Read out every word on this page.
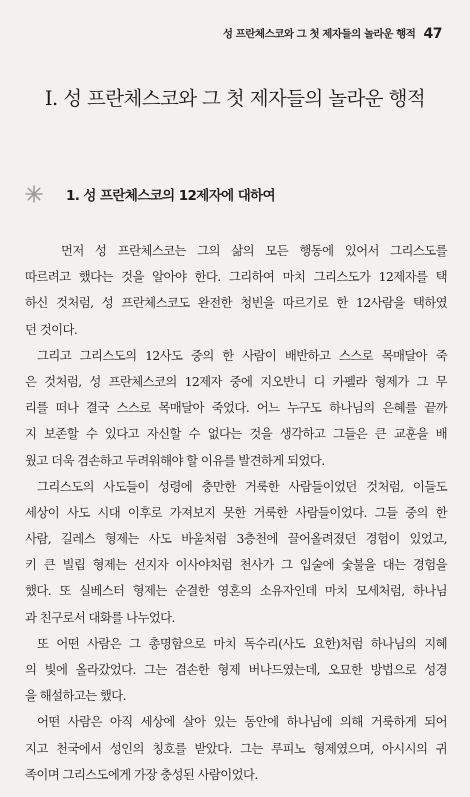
성 프란체스코와 그 첫 제자들의 놀라운 행적 47
I. 성 프란체스코와 그 첫 제자들의 놀라운 행적
1. 성 프란체스코의 12제자에 대하여
먼저 성 프란체스코는 그의 삶의 모든 행동에 있어서 그리스도를
따르려고 했다는 것을 알아야 한다. 그리하여 마치 그리스도가 12제자를 택
하신 것처럼, 성 프란체스코도 완전한 청빈을 따르기로 한 12사람을 택하였
던 것이다.
그리고 그리스도의 12사도 중의 한 사람이 배반하고 스스로 목매달아 죽
은 것처럼, 성 프란체스코의 12제자 중에 지오반니 디 카펠라 형제가 그 무
리를 떠나 결국 스스로 목매달아 죽었다. 어느 누구도 하나님의 은혜를 끝까
지 보존할 수 있다고 자신할 수 없다는 것을 생각하고 그들은 큰 교훈을 배
웠고 더욱 겸손하고 두려워해야 할 이유를 발견하게 되었다.
그리스도의 사도들이 성령에 충만한 거룩한 사람들이었던 것처럼, 이들도
세상이 사도 시대 이후로 가져보지 못한 거룩한 사람들이었다. 그들 중의 한
사람, 길레스 형제는 사도 바울처럼 3층천에 끌어올려졌던 경험이 있었고,
키 큰 빌립 형제는 선지자 이사야처럼 천사가 그 입술에 숯불을 대는 경험을
했다. 또 실베스터 형제는 순결한 영혼의 소유자인데 마치 모세처럼, 하나님
과 친구로서 대화를 나누었다.
또 어떤 사람은 그 총명함으로 마치 독수리(사도 요한)처럼 하나님의 지혜
의 빛에 올라갔었다. 그는 겸손한 형제 버나드였는데, 오묘한 방법으로 성경
을 해설하고는 했다.
어떤 사람은 아직 세상에 살아 있는 동안에 하나님에 의해 거룩하게 되어
지고 천국에서 성인의 칭호를 받았다. 그는 루피노 형제였으며, 아시시의 귀
족이며 그리스도에게 가장 충성된 사람이었다.
